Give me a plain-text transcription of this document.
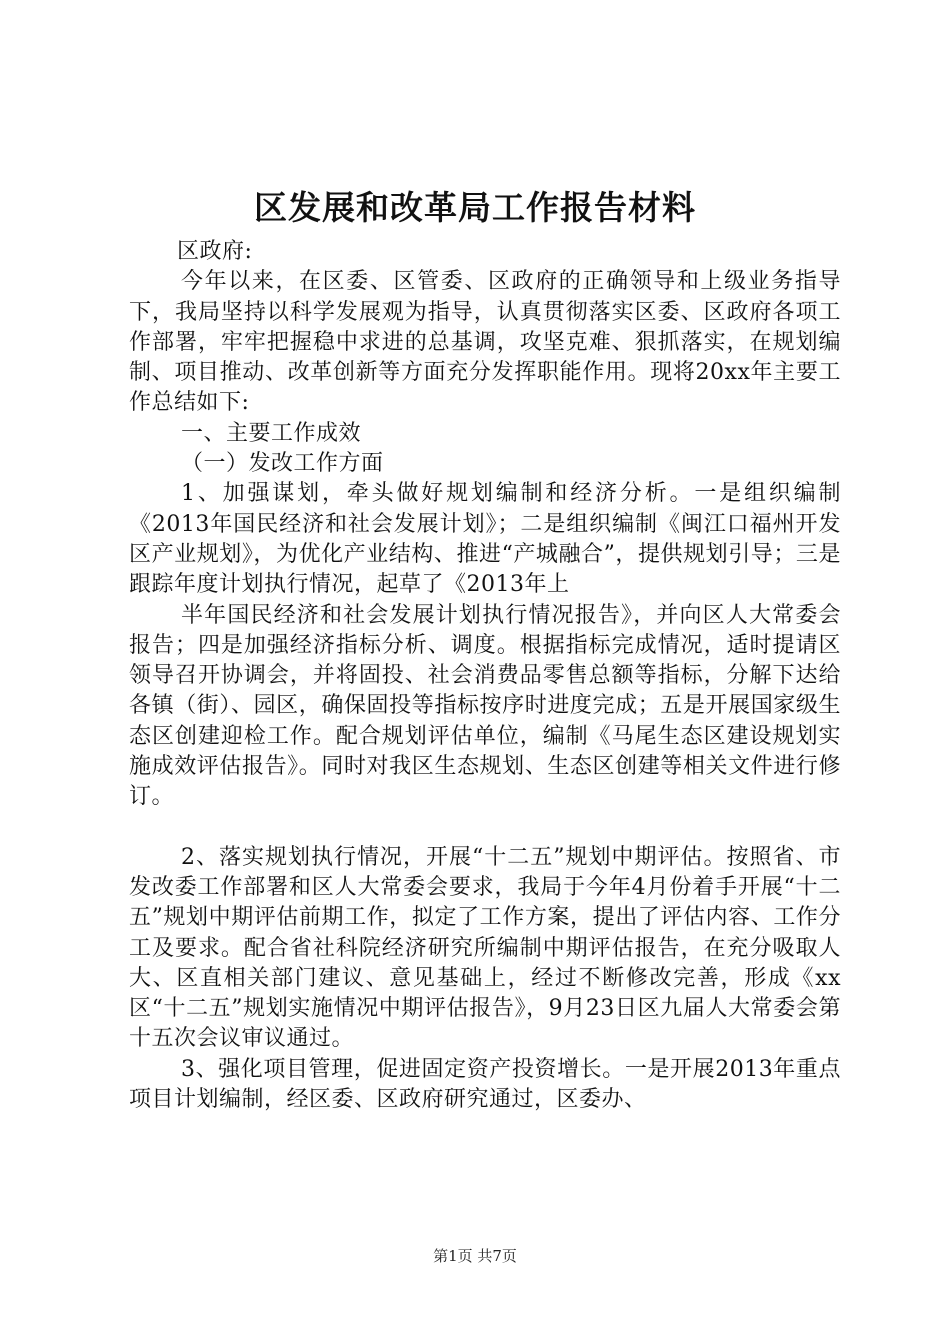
区发展和改革局工作报告材料

区政府:

今年以来，在区委、区管委、区政府的正确领导和上级业务指导下，我局坚持以科学发展观为指导，认真贯彻落实区委、区政府各项工作部署，牢牢把握稳中求进的总基调，攻坚克难、狠抓落实，在规划编制、项目推动、改革创新等方面充分发挥职能作用。现将20xx年主要工作总结如下:

一、主要工作成效

（一）发改工作方面

1、加强谋划，牵头做好规划编制和经济分析。一是组织编制《2013年国民经济和社会发展计划》；二是组织编制《闽江口福州开发区产业规划》，为优化产业结构、推进“产城融合”，提供规划引导；三是跟踪年度计划执行情况，起草了《2013年上

半年国民经济和社会发展计划执行情况报告》，并向区人大常委会报告；四是加强经济指标分析、调度。根据指标完成情况，适时提请区领导召开协调会，并将固投、社会消费品零售总额等指标，分解下达给各镇（街）、园区，确保固投等指标按序时进度完成；五是开展国家级生态区创建迎检工作。配合规划评估单位，编制《马尾生态区建设规划实施成效评估报告》。同时对我区生态规划、生态区创建等相关文件进行修订。

2、落实规划执行情况，开展“十二五”规划中期评估。按照省、市发改委工作部署和区人大常委会要求，我局于今年4月份着手开展“十二五”规划中期评估前期工作，拟定了工作方案，提出了评估内容、工作分工及要求。配合省社科院经济研究所编制中期评估报告，在充分吸取人大、区直相关部门建议、意见基础上，经过不断修改完善，形成《xx区“十二五”规划实施情况中期评估报告》，9月23日区九届人大常委会第十五次会议审议通过。

3、强化项目管理，促进固定资产投资增长。一是开展2013年重点项目计划编制，经区委、区政府研究通过，区委办、

第1页 共7页
